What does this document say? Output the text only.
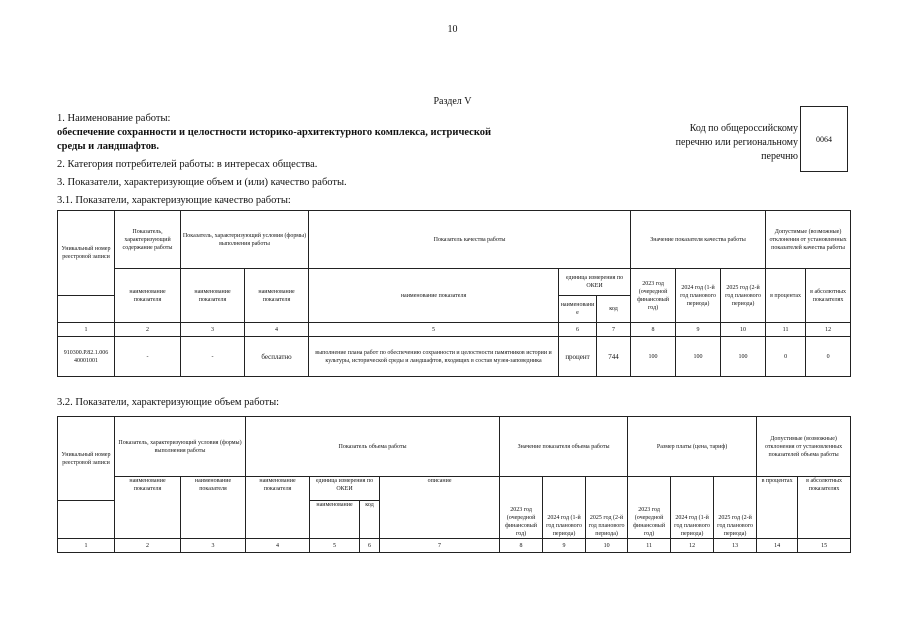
10
Раздел V
1. Наименование работы:
обеспечение сохранности и целостности историко-архитектурного комплекса, истрической
среды и ландшафтов.
2. Категория потребителей работы: в интересах общества.
3. Показатели, характеризующие объем и (или) качество работы.
3.1. Показатели, характеризующие качество работы:
Код по общероссийскому перечню или региональному перечню
0064
Уникальный номер реестровой записи	Показатель, характеризующий содержание работы	Показатель, характеризующий условия (формы) выполнения работы		Показатель качества работы			Значение показателя качества работы			Допустимые (возможные) отклонения от установленных показателей качества работы	
	наименование показателя	наименование показателя	наименование показателя	наименование показателя	единица измерения по ОКЕИ		2023 год (очередной финансовый год)	2024 год (1-й год планового периода)	2025 год (2-й год планового периода)	в процентах	в абсолютных показателях
					наименование	код					
1	2	3	4	5	6	7	8	9	10	11	12
910300.Р.82.1.006 40001001	-	-	бесплатно	выполнение плана работ по обеспечению сохранности и целостности памятников истории и культуры, исторической среды и ландшафтов, входящих в состав музея-заповедника	процент	744	100	100	100	0	0
3.2. Показатели, характеризующие объем работы:
Уникальный номер реестровой записи	Показатель, характеризующий условия (формы) выполнения работы		Показатель объема работы				Значение показателя объема работы			Размер платы (цена, тариф)			Допустимые (возможные) отклонения от установленных показателей объема работы	
	наименование показателя	наименование показателя	наименование показателя	единица измерения по ОКЕИ		описание	2023 год (очередной финансовый год)	2024 год (1-й год планового периода)	2025 год (2-й год планового периода)	2023 год (очередной финансовый год)	2024 год (1-й год планового периода)	2025 год (2-й год планового периода)	в процентах	в абсолютных показателях
				наименование	код									
1	2	3	4	5	6	7	8	9	10	11	12	13	14	15
